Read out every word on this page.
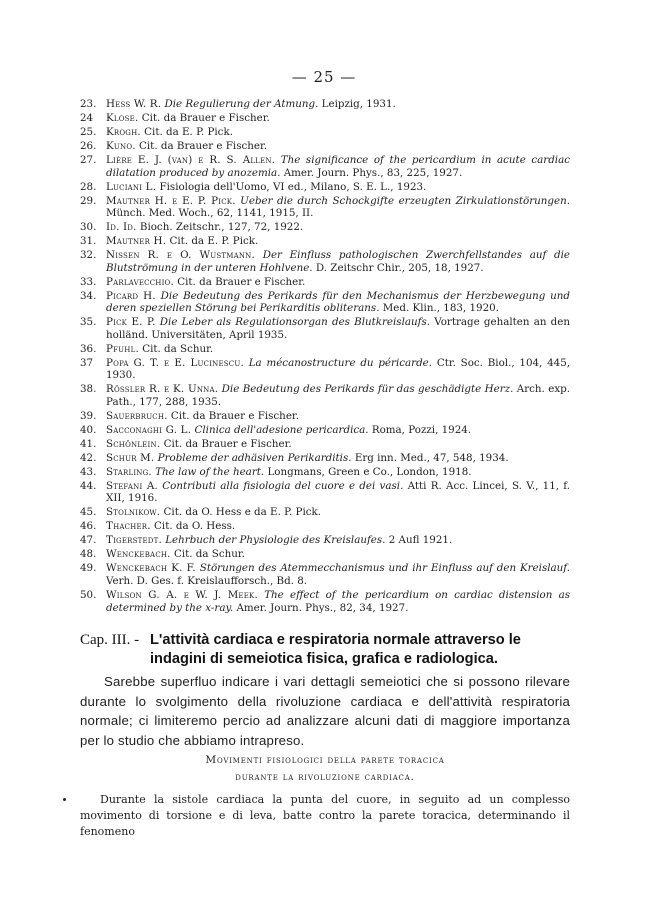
— 25 —
23. Hess W. R. Die Regulierung der Atmung. Leipzig, 1931.
24	Klose. Cit. da Brauer e Fischer.
25. Krogh. Cit. da E. P. Pick.
26. Kuno. Cit. da Brauer e Fischer.
27. Lière E. J. (van) e R. S. Allen. The significance of the pericardium in acute cardiac dilatation produced by anozemia. Amer. Journ. Phys., 83, 225, 1927.
28. Luciani L. Fisiologia dell'Uomo, VI ed., Milano, S. E. L., 1923.
29. Mautner H. e E. P. Pick. Ueber die durch Schockgifte erzeugten Zirkulationstörungen. Münch. Med. Woch., 62, 1141, 1915, II.
30. Id. Id. Bioch. Zeitschr., 127, 72, 1922.
31. Mautner H. Cit. da E. P. Pick.
32. Nissen R. e O. Wustmann. Der Einfluss pathologischen Zwerchfellstandes auf die Blutströmung in der unteren Hohlvene. D. Zeitschr Chir., 205, 18, 1927.
33. Parlavecchio. Cit. da Brauer e Fischer.
34. Picard H. Die Bedeutung des Perikards für den Mechanismus der Herzbewegung und deren speziellen Störung bei Perikarditis obliterans. Med. Klin., 183, 1920.
35. Pick E. P. Die Leber als Regulationsorgan des Blutkreislaufs. Vortrage gehalten an den holländ. Universitäten, April 1935.
36. Pfuhl. Cit. da Schur.
37	Popa G. T. e E. Lucinescu. La mécanostructure du péricarde. Ctr. Soc. Biol., 104, 445, 1930.
38. Rössler R. e K. Unna. Die Bedeutung des Perikards für das geschädigte Herz. Arch. exp. Path., 177, 288, 1935.
39. Sauerbruch. Cit. da Brauer e Fischer.
40. Sacconaghi G. L. Clinica dell'adesione pericardica. Roma, Pozzi, 1924.
41. Schönlein. Cit. da Brauer e Fischer.
42. Schur M. Probleme der adhäsiven Perikarditis. Erg inn. Med., 47, 548, 1934.
43. Starling. The law of the heart. Longmans, Green e Co., London, 1918.
44. Stefani A. Contributi alla fisiologia del cuore e dei vasi. Atti R. Acc. Lincei, S. V., 11, f. XII, 1916.
45. Stolnikow. Cit. da O. Hess e da E. P. Pick.
46. Thacher. Cit. da O. Hess.
47. Tigerstedt. Lehrbuch der Physiologie des Kreislaufes. 2 Aufl 1921.
48. Wenckebach. Cit. da Schur.
49. Wenckebach K. F. Störungen des Atemmecchanismus und ihr Einfluss auf den Kreislauf. Verh. D. Ges. f. Kreislaufforsch., Bd. 8.
50. Wilson G. A. e W. J. Meek. The effect of the pericardium on cardiac distension as determined by the x-ray. Amer. Journ. Phys., 82, 34, 1927.
Cap. III. - L'attività cardiaca e respiratoria normale attraverso le indagini di semeiotica fisica, grafica e radiologica.
Sarebbe superfluo indicare i vari dettagli semeiotici che si possono rilevare durante lo svolgimento della rivoluzione cardiaca e dell'attività respiratoria normale; ci limiteremo percio ad analizzare alcuni dati di maggiore importanza per lo studio che abbiamo intrapreso.
Movimenti fisiologici della parete toracica
durante la rivoluzione cardiaca.
Durante la sistole cardiaca la punta del cuore, in seguito ad un complesso movimento di torsione e di leva, batte contro la parete toracica, determinando il fenomeno
